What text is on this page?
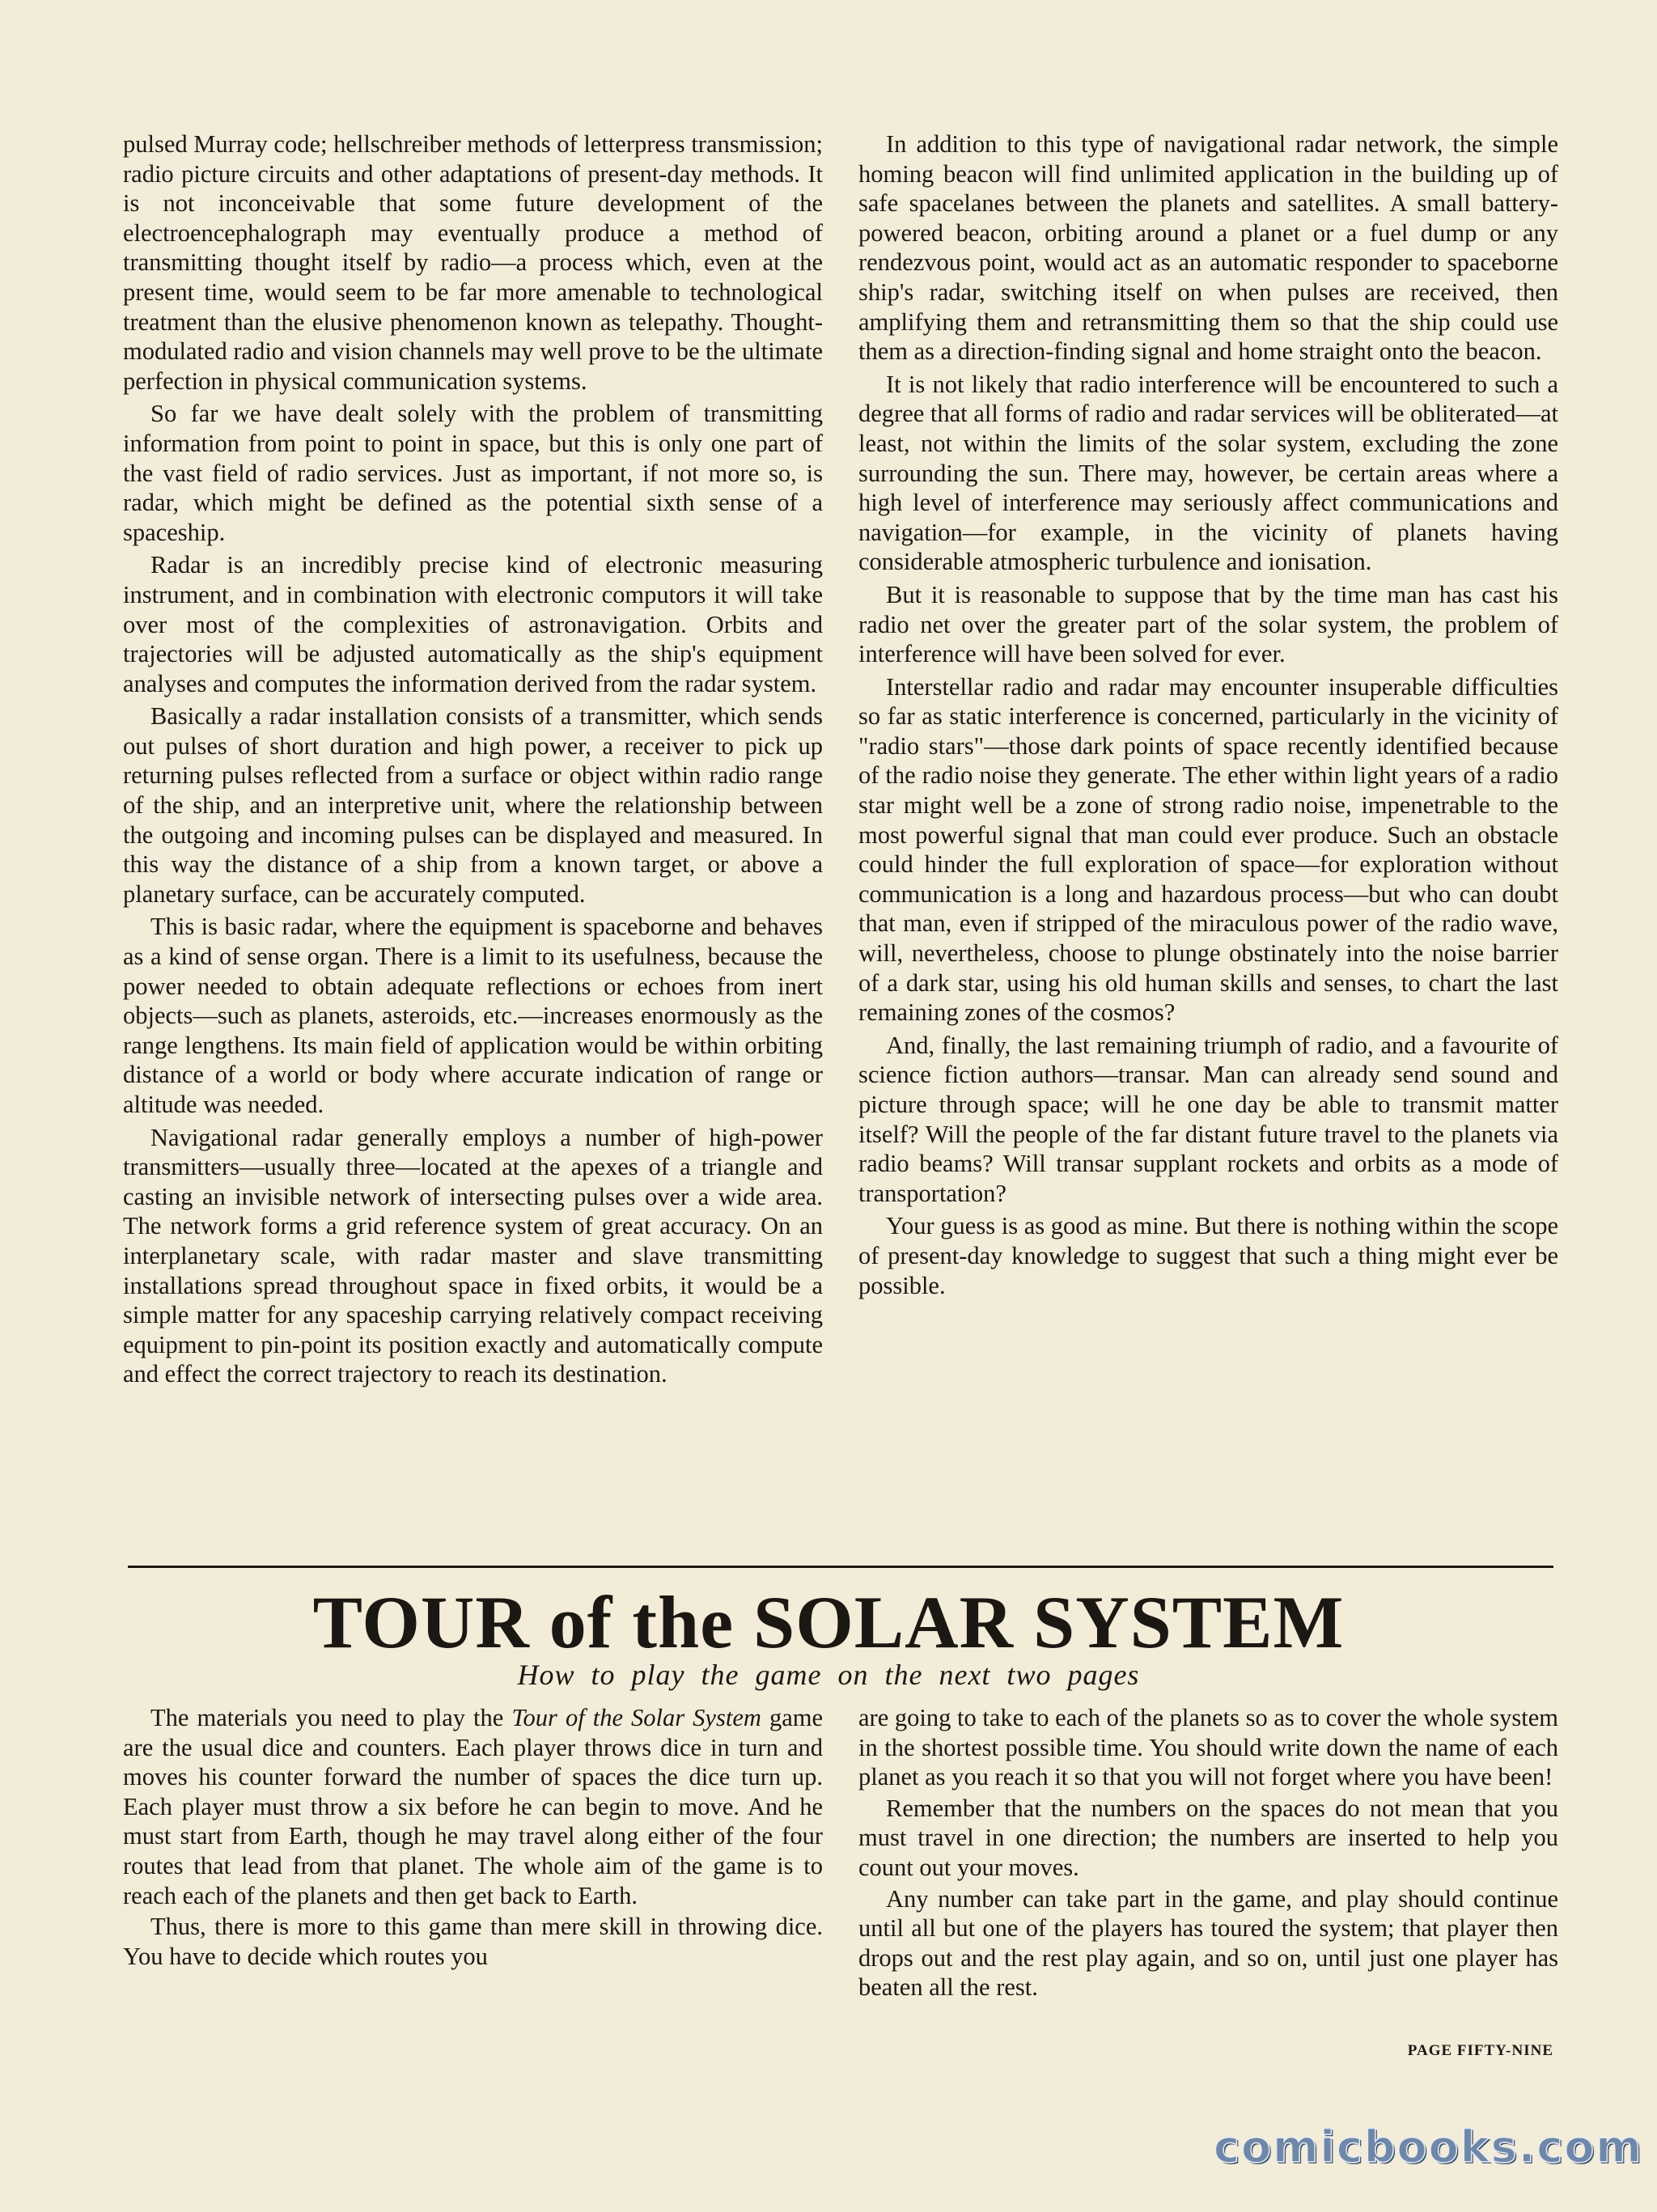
pulsed Murray code; hellschreiber methods of letterpress transmission; radio picture circuits and other adaptations of present-day methods. It is not inconceivable that some future development of the electroencephalograph may eventually produce a method of transmitting thought itself by radio—a process which, even at the present time, would seem to be far more amenable to technological treatment than the elusive phenomenon known as telepathy. Thought-modulated radio and vision channels may well prove to be the ultimate perfection in physical communication systems.

So far we have dealt solely with the problem of transmitting information from point to point in space, but this is only one part of the vast field of radio services. Just as important, if not more so, is radar, which might be defined as the potential sixth sense of a spaceship.

Radar is an incredibly precise kind of electronic measuring instrument, and in combination with electronic computors it will take over most of the complexities of astronavigation. Orbits and trajectories will be adjusted automatically as the ship's equipment analyses and computes the information derived from the radar system.

Basically a radar installation consists of a transmitter, which sends out pulses of short duration and high power, a receiver to pick up returning pulses reflected from a surface or object within radio range of the ship, and an interpretive unit, where the relationship between the outgoing and incoming pulses can be displayed and measured. In this way the distance of a ship from a known target, or above a planetary surface, can be accurately computed.

This is basic radar, where the equipment is spaceborne and behaves as a kind of sense organ. There is a limit to its usefulness, because the power needed to obtain adequate reflections or echoes from inert objects—such as planets, asteroids, etc.—increases enormously as the range lengthens. Its main field of application would be within orbiting distance of a world or body where accurate indication of range or altitude was needed.

Navigational radar generally employs a number of high-power transmitters—usually three—located at the apexes of a triangle and casting an invisible network of intersecting pulses over a wide area. The network forms a grid reference system of great accuracy. On an interplanetary scale, with radar master and slave transmitting installations spread throughout space in fixed orbits, it would be a simple matter for any spaceship carrying relatively compact receiving equipment to pin-point its position exactly and automatically compute and effect the correct trajectory to reach its destination.

In addition to this type of navigational radar network, the simple homing beacon will find unlimited application in the building up of safe spacelanes between the planets and satellites. A small battery-powered beacon, orbiting around a planet or a fuel dump or any rendezvous point, would act as an automatic responder to spaceborne ship's radar, switching itself on when pulses are received, then amplifying them and retransmitting them so that the ship could use them as a direction-finding signal and home straight onto the beacon.

It is not likely that radio interference will be encountered to such a degree that all forms of radio and radar services will be obliterated—at least, not within the limits of the solar system, excluding the zone surrounding the sun. There may, however, be certain areas where a high level of interference may seriously affect communications and navigation—for example, in the vicinity of planets having considerable atmospheric turbulence and ionisation.

But it is reasonable to suppose that by the time man has cast his radio net over the greater part of the solar system, the problem of interference will have been solved for ever.

Interstellar radio and radar may encounter insuperable difficulties so far as static interference is concerned, particularly in the vicinity of "radio stars"—those dark points of space recently identified because of the radio noise they generate. The ether within light years of a radio star might well be a zone of strong radio noise, impenetrable to the most powerful signal that man could ever produce. Such an obstacle could hinder the full exploration of space—for exploration without communication is a long and hazardous process—but who can doubt that man, even if stripped of the miraculous power of the radio wave, will, nevertheless, choose to plunge obstinately into the noise barrier of a dark star, using his old human skills and senses, to chart the last remaining zones of the cosmos?

And, finally, the last remaining triumph of radio, and a favourite of science fiction authors—transar. Man can already send sound and picture through space; will he one day be able to transmit matter itself? Will the people of the far distant future travel to the planets via radio beams? Will transar supplant rockets and orbits as a mode of transportation?

Your guess is as good as mine. But there is nothing within the scope of present-day knowledge to suggest that such a thing might ever be possible.

TOUR of the SOLAR SYSTEM
How to play the game on the next two pages

The materials you need to play the Tour of the Solar System game are the usual dice and counters. Each player throws dice in turn and moves his counter forward the number of spaces the dice turn up. Each player must throw a six before he can begin to move. And he must start from Earth, though he may travel along either of the four routes that lead from that planet. The whole aim of the game is to reach each of the planets and then get back to Earth.

Thus, there is more to this game than mere skill in throwing dice. You have to decide which routes you

are going to take to each of the planets so as to cover the whole system in the shortest possible time. You should write down the name of each planet as you reach it so that you will not forget where you have been!

Remember that the numbers on the spaces do not mean that you must travel in one direction; the numbers are inserted to help you count out your moves.

Any number can take part in the game, and play should continue until all but one of the players has toured the system; that player then drops out and the rest play again, and so on, until just one player has beaten all the rest.

PAGE FIFTY-NINE
comicbooks.com
